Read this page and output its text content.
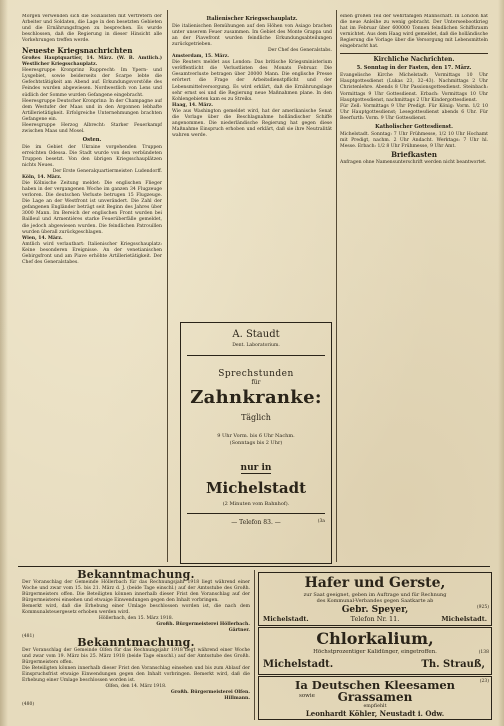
Morgen verwenden sich die Sozialisten mit Vertretern der Arbeiter und Soldaten, die Lage in den besetzten Gebieten und die Ernährungsfragen zu besprechen. Es wurde beschlossen, daß die Regierung in dieser Hinsicht alle Vorkehrungen treffen werde.

Neueste Kriegsnachrichten

Großes Hauptquartier, 14. März. (W. B. Amtlich.) Westlicher Kriegsschauplatz.

Heeresgruppe Kronprinz Rupprecht: Im Ypern- und Lysgebiet, sowie beiderseits der Scarpe lebte die Gefechtstätigkeit am Abend auf. Erkundungsvorstöße des Feindes wurden abgewiesen. Nordwestlich von Lens und südlich der Somme wurden Gefangene eingebracht.

Heeresgruppe Deutscher Kronprinz: In der Champagne auf dem Westufer der Maas und in den Argonnen lebhafte Artillerietätigkeit. Erfolgreiche Unternehmungen brachten Gefangene ein.

Heeresgruppe Herzog Albrecht: Starker Feuerkampf zwischen Maas und Mosel.

Osten.

Die im Gebiet der Ukraine vorgehenden Truppen erreichten Odessa. Die Stadt wurde von den verbündeten Truppen besetzt. Von den übrigen Kriegsschauplätzen nichts Neues.

Der Erste Generalquartiermeister: Ludendorff.

Köln, 14. März.

Die Kölnische Zeitung meldet: Die englischen Flieger haben in der vergangenen Woche im ganzen 34 Flugzeuge verloren. Die deutschen Verluste betrugen 15 Flugzeuge. Die Lage an der Westfront ist unverändert. Die Zahl der gefangenen Engländer beträgt seit Beginn des Jahres über 3000 Mann. Im Bereich der englischen Front wurden bei Bailleul und Armentières starke Feuerüberfälle gemeldet, die jedoch abgewiesen wurden. Die feindlichen Patrouillen wurden überall zurückgeschlagen.

Wien, 14. März.

Amtlich wird verlautbart: Italienischer Kriegsschauplatz: Keine besonderen Ereignisse. An der venetianischen Gebirgsfront und am Piave erhöhte Artillerietätigkeit. Der Chef des Generalstabes.

Italienischer Kriegsschauplatz.

Die italienischen Bemühungen auf den Höhen von Asiago brachen unter unserem Feuer zusammen. Im Gebiet des Monte Grappa und an der Piavefront wurden feindliche Erkundungsabteilungen zurückgetrieben.

Der Chef des Generalstabs.

Amsterdam, 15. März.

Die Reuters meldet aus London: Das britische Kriegsministerium veröffentlicht die Verlustlisten des Monats Februar. Die Gesamtverluste betragen über 20000 Mann. Die englische Presse erörtert die Frage der Arbeitsdienstpflicht und der Lebensmittelversorgung. Es wird erklärt, daß die Ernährungslage sehr ernst sei und die Regierung neue Maßnahmen plane. In den Kohlengebieten kam es zu Streiks.

Haag, 14. März.

Wie aus Washington gemeldet wird, hat der amerikanische Senat die Vorlage über die Beschlagnahme holländischer Schiffe angenommen. Die niederländische Regierung hat gegen diese Maßnahme Einspruch erhoben und erklärt, daß sie ihre Neutralität wahren werde.

A. Staudt
Dent. Laboratorium.
Sprechstunden
für
Zahnkranke:
Täglich
9 Uhr Vorm. bis 6 Uhr Nachm.
(Sonntags bis 2 Uhr)
nur in
Michelstadt
(2 Minuten vom Bahnhof).
— Telefon 83. —	(3a

einen großen Teil der wehrfähigen Mannschaft. In London hat die neue Anleihe zu wenig gebracht. Der Unterseebootkrieg hat im Februar über 600000 Tonnen feindlichen Schiffsraum vernichtet. Aus dem Haag wird gemeldet, daß die holländische Regierung die Vorlage über die Versorgung mit Lebensmitteln eingebracht hat.

Kirchliche Nachrichten.
5. Sonntag in der Fasten, den 17. März.

Evangelische Kirche Michelstadt: Vormittags 10 Uhr Hauptgottesdienst (Lukas 23, 32–43). Nachmittags 2 Uhr Christenlehre. Abends 8 Uhr Passionsgottesdienst. Steinbach: Vormittags 9 Uhr Gottesdienst. Erbach: Vormittags 10 Uhr Hauptgottesdienst, nachmittags 2 Uhr Kindergottesdienst.

Für Zell: Vormittags 9 Uhr Predigt. Für König: Vorm. 1/2 10 Uhr Hauptgottesdienst; Lesegottesdienst abends 6 Uhr. Für Beerfurth: Vorm. 9 Uhr Gottesdienst.

Katholischer Gottesdienst.

Michelstadt. Sonntag: 7 Uhr Frühmesse, 1/2 10 Uhr Hochamt mit Predigt, nachm. 2 Uhr Andacht. Werktags: 7 Uhr hl. Messe. Erbach: 1/2 8 Uhr Frühmesse, 9 Uhr Amt.

Briefkasten

Anfragen ohne Namensunterschrift werden nicht beantwortet.

Bekanntmachung.

Der Voranschlag der Gemeinde Höllerbach für das Rechnungsjahr 1918 liegt während einer Woche und zwar vom 15. bis 21. März d. J. (beide Tage einschl.) auf der Amtsstube des Großh. Bürgermeisters offen. Die Beteiligten können innerhalb dieser Frist den Voranschlag auf der Bürgermeisterei einsehen und etwaige Einwendungen gegen den Inhalt vorbringen.

Bemerkt wird, daß die Erhebung einer Umlage beschlossen worden ist, die nach dem Kommunalsteuergesetz erhoben werden wird.

Höllerbach, den 15. März 1918.

Großh. Bürgermeisterei Höllerbach.
Gärtner.
(481)	Bekanntmachung.

Der Voranschlag der Gemeinde Olfen für das Rechnungsjahr 1918 liegt während einer Woche und zwar vom 19. März bis 25. März 1918 (beide Tage einschl.) auf der Amtsstube des Großh. Bürgermeisters offen.

Die Beteiligten können innerhalb dieser Frist den Voranschlag einsehen und bis zum Ablauf der Einspruchsfrist etwaige Einwendungen gegen den Inhalt vorbringen. Bemerkt wird, daß die Erhebung einer Umlage beschlossen worden ist.

Olfen, den 14. März 1918.

Großh. Bürgermeisterei Olfen.
Hillmann.
(480)
Hafer und Gerste,
zur Saat geeignet, geben im Auftrage und für Rechnung
des Kommunal-Verbandes gegen Saatkarte ab
Gebr. Speyer,
Michelstadt.	Telefon Nr. 11.	Michelstadt.
(925)
Chlorkalium,
Höchstprozentiger Kalidünger, eingetroffen.
Michelstadt.	Th. Strauß,
(138
Ia Deutschen Kleesamen
sowie	Grassamen
empfiehlt
Leonhardt Köhler, Neustadt i. Odw.
(23)
